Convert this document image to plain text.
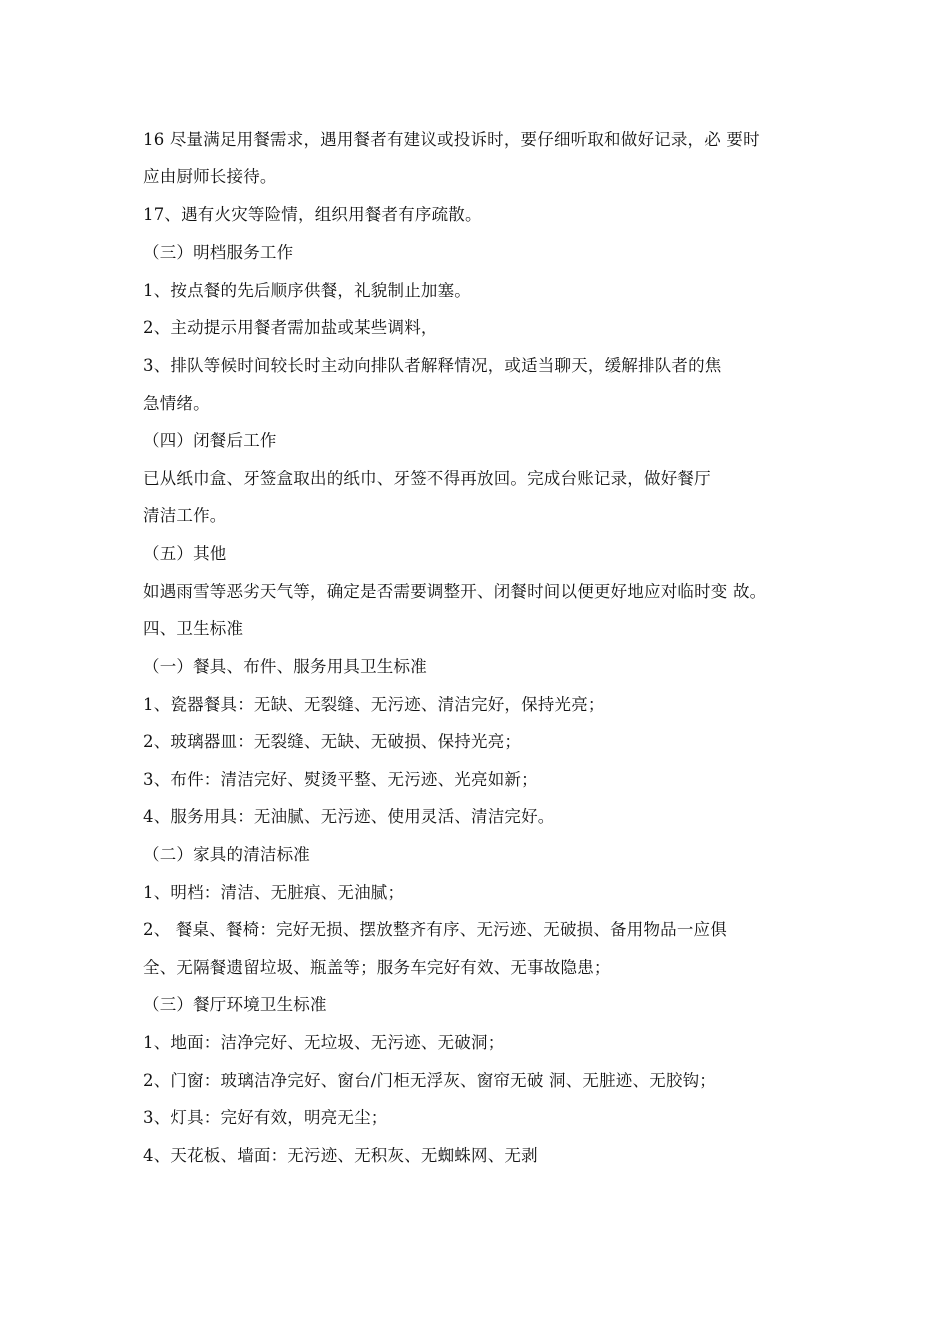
16 尽量满足用餐需求，遇用餐者有建议或投诉时，要仔细听取和做好记录，必 要时
应由厨师长接待。
17、遇有火灾等险情，组织用餐者有序疏散。
（三）明档服务工作
1、按点餐的先后顺序供餐，礼貌制止加塞。
2、主动提示用餐者需加盐或某些调料，
3、排队等候时间较长时主动向排队者解释情况，或适当聊天，缓解排队者的焦
急情绪。
（四）闭餐后工作
已从纸巾盒、牙签盒取出的纸巾、牙签不得再放回。完成台账记录，做好餐厅
清洁工作。
（五）其他
如遇雨雪等恶劣天气等，确定是否需要调整开、闭餐时间以便更好地应对临时变 故。
四、卫生标准
（一）餐具、布件、服务用具卫生标准
1、瓷器餐具：无缺、无裂缝、无污迹、清洁完好，保持光亮；
2、玻璃器皿：无裂缝、无缺、无破损、保持光亮；
3、布件：清洁完好、熨烫平整、无污迹、光亮如新；
4、服务用具：无油腻、无污迹、使用灵活、清洁完好。
（二）家具的清洁标准
1、明档：清洁、无脏痕、无油腻；
2、 餐桌、餐椅：完好无损、摆放整齐有序、无污迹、无破损、备用物品一应俱
全、无隔餐遗留垃圾、瓶盖等；服务车完好有效、无事故隐患；
（三）餐厅环境卫生标准
1、地面：洁净完好、无垃圾、无污迹、无破洞；
2、门窗：玻璃洁净完好、窗台/门柜无浮灰、窗帘无破 洞、无脏迹、无胶钩；
3、灯具：完好有效，明亮无尘；
4、天花板、墙面：无污迹、无积灰、无蜘蛛网、无剥
